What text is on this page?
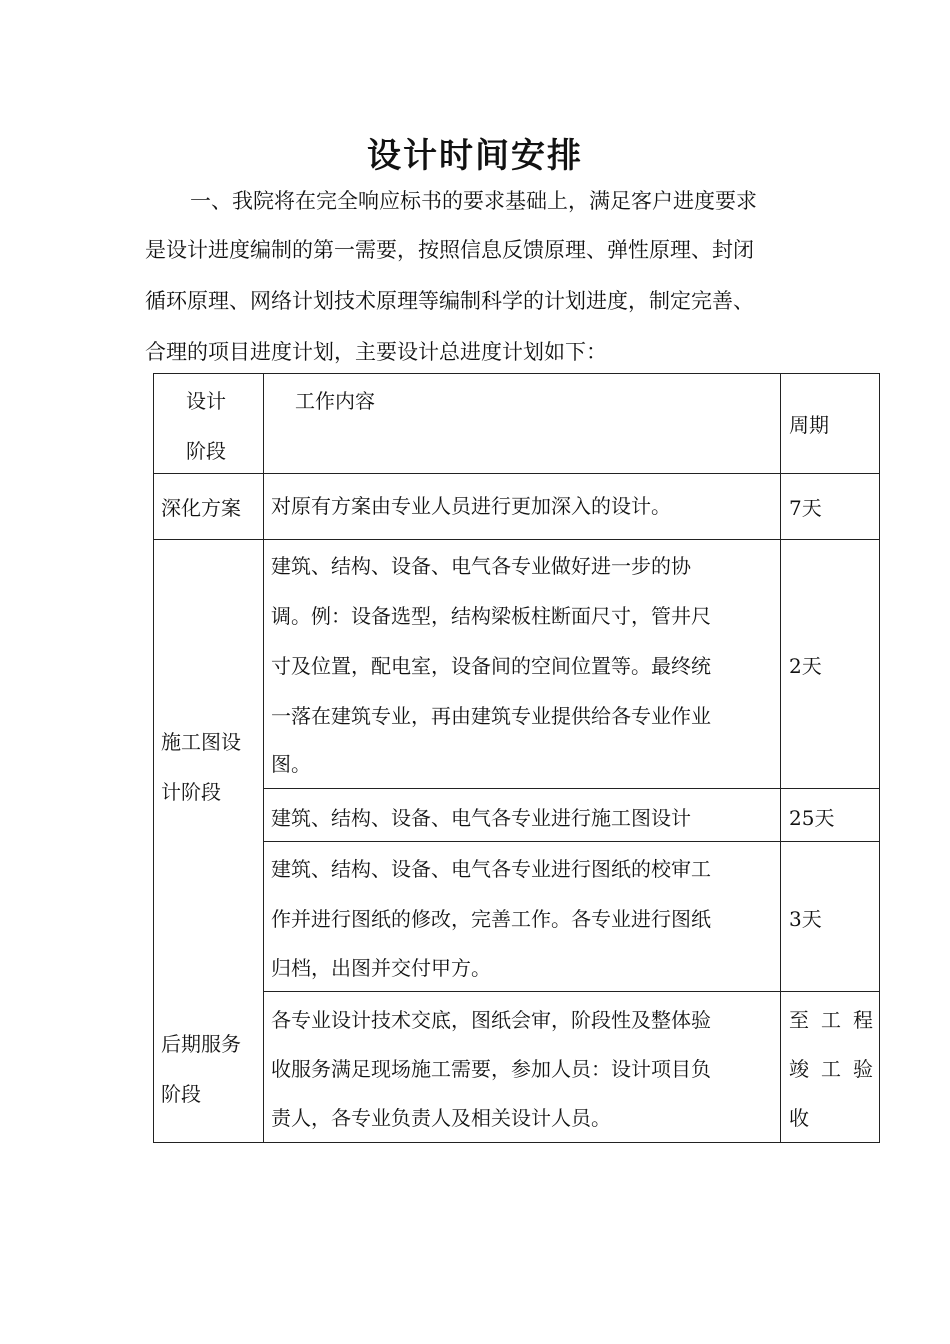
设计时间安排

一、我院将在完全响应标书的要求基础上，满足客户进度要求

是设计进度编制的第一需要，按照信息反馈原理、弹性原理、封闭

循环原理、网络计划技术原理等编制科学的计划进度，制定完善、

合理的项目进度计划，主要设计总进度计划如下：

设计
阶段
工作内容
周期
深化方案 对原有方案由专业人员进行更加深入的设计。	7天
建筑、结构、设备、电气各专业做好进一步的协
调。例：设备选型，结构梁板柱断面尺寸，管井尺
寸及位置，配电室，设备间的空间位置等。最终统
一落在建筑专业，再由建筑专业提供给各专业作业
图。
2天
施工图设
计阶段
建筑、结构、设备、电气各专业进行施工图设计	25天
建筑、结构、设备、电气各专业进行图纸的校审工
作并进行图纸的修改，完善工作。各专业进行图纸
归档，出图并交付甲方。
3天
后期服务
阶段
各专业设计技术交底，图纸会审，阶段性及整体验
收服务满足现场施工需要，参加人员：设计项目负
责人，各专业负责人及相关设计人员。
至工程
竣工验
收
